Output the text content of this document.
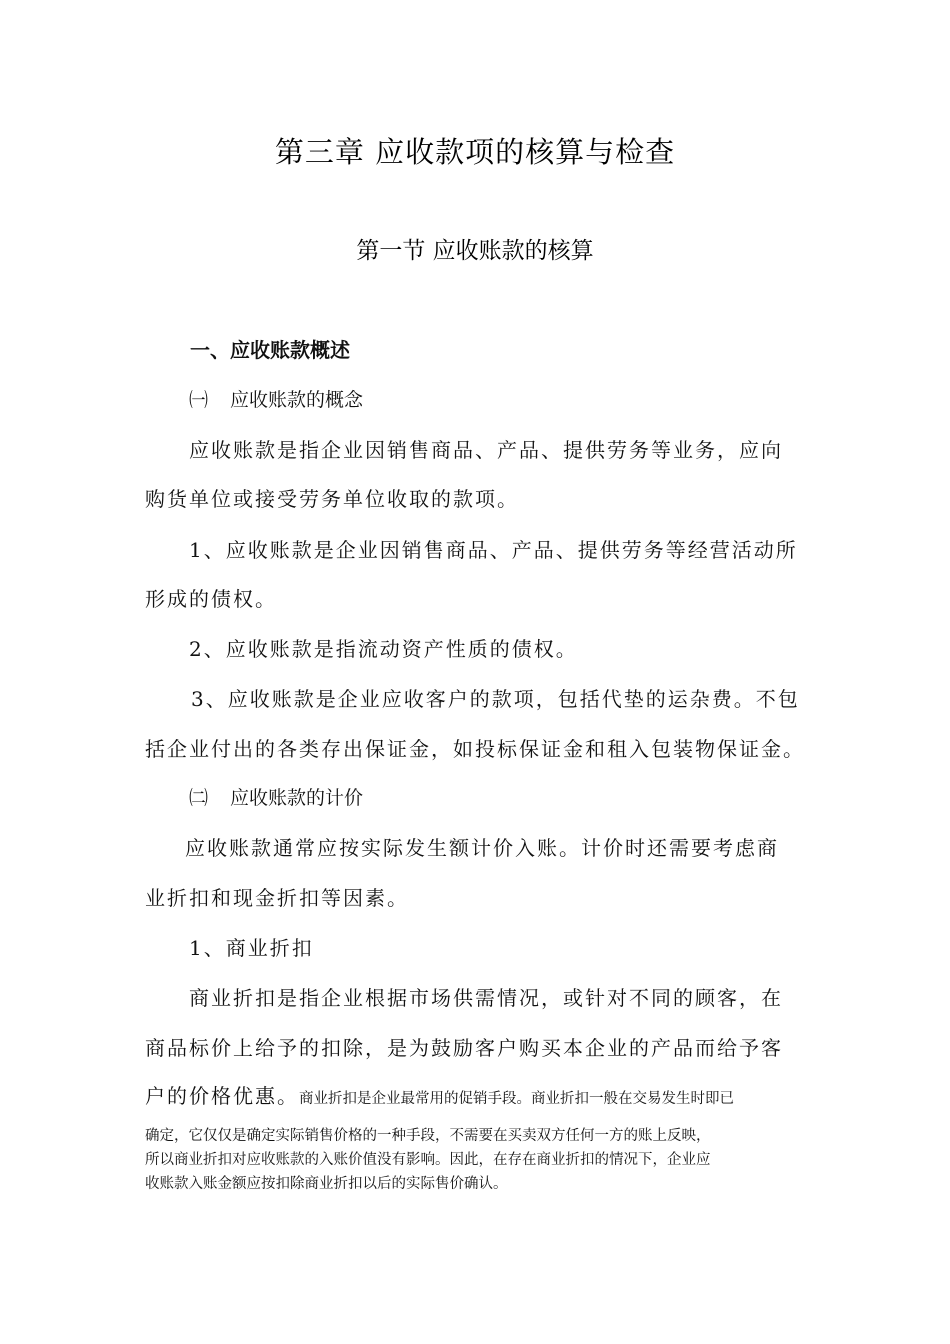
第三章 应收款项的核算与检查
第一节 应收账款的核算
一、应收账款概述
㈠ 应收账款的概念
应收账款是指企业因销售商品、产品、提供劳务等业务，应向
购货单位或接受劳务单位收取的款项。
1、应收账款是企业因销售商品、产品、提供劳务等经营活动所
形成的债权。
2、应收账款是指流动资产性质的债权。
3、应收账款是企业应收客户的款项，包括代垫的运杂费。不包
括企业付出的各类存出保证金，如投标保证金和租入包装物保证金。
㈡ 应收账款的计价
应收账款通常应按实际发生额计价入账。计价时还需要考虑商
业折扣和现金折扣等因素。
1、商业折扣
商业折扣是指企业根据市场供需情况，或针对不同的顾客，在
商品标价上给予的扣除，是为鼓励客户购买本企业的产品而给予客
户的价格优惠。商业折扣是企业最常用的促销手段。商业折扣一般在交易发生时即已
确定，它仅仅是确定实际销售价格的一种手段，不需要在买卖双方任何一方的账上反映，
所以商业折扣对应收账款的入账价值没有影响。因此，在存在商业折扣的情况下，企业应
收账款入账金额应按扣除商业折扣以后的实际售价确认。
